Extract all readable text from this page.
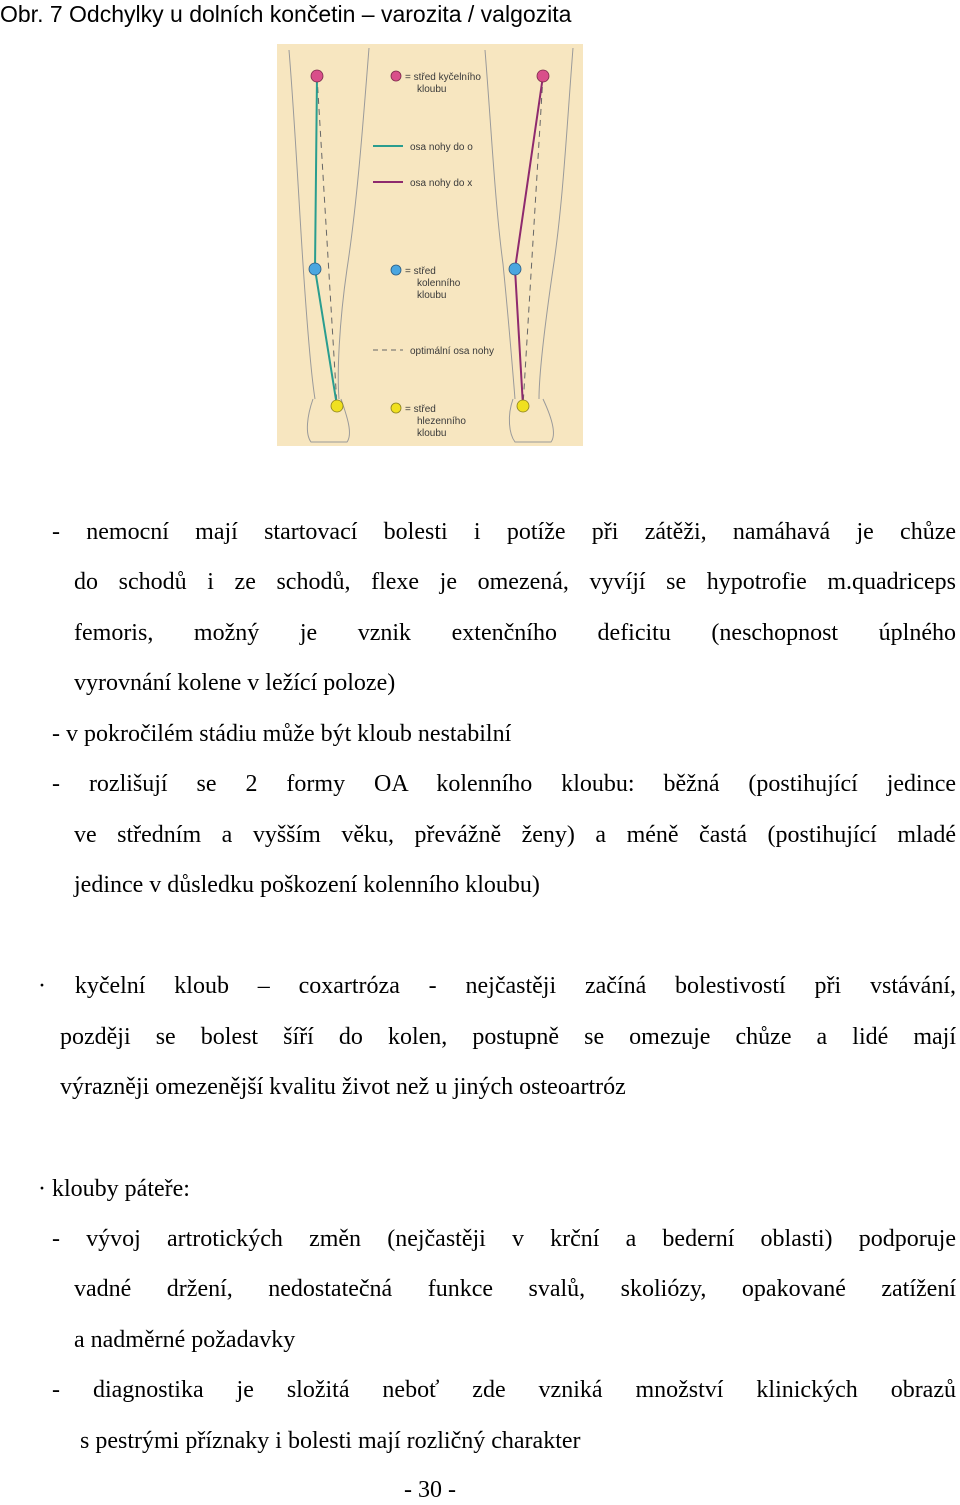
Obr. 7 Odchylky u dolních končetin – varozita / valgozita

= střed kyčelního
kloubu
osa nohy do o
osa nohy do x
= střed
kolenního
kloubu
optimální osa nohy
= střed
hlezenního
kloubu

- nemocní mají startovací bolesti i potíže při zátěži, namáhavá je chůze

do schodů i ze schodů, flexe je omezená, vyvíjí se hypotrofie m.quadriceps

femoris, možný je vznik extenčního deficitu (neschopnost úplného

vyrovnání kolene v ležící poloze)

- v pokročilém stádiu může být kloub nestabilní

- rozlišují se 2 formy OA kolenního kloubu: běžná (postihující jedince

ve středním a vyšším věku, převážně ženy) a méně častá (postihující mladé

jedince v důsledku poškození kolenního kloubu)

· kyčelní kloub – coxartróza - nejčastěji začíná bolestivostí při vstávání,

později se bolest šíří do kolen, postupně se omezuje chůze a lidé mají

výrazněji omezenější kvalitu život než u jiných osteoartróz

· klouby páteře:

- vývoj artrotických změn (nejčastěji v krční a bederní oblasti) podporuje

vadné držení, nedostatečná funkce svalů, skoliózy, opakované zatížení

a nadměrné požadavky

- diagnostika je složitá neboť zde vzniká množství klinických obrazů

s pestrými příznaky i bolesti mají rozličný charakter

- 30 -
